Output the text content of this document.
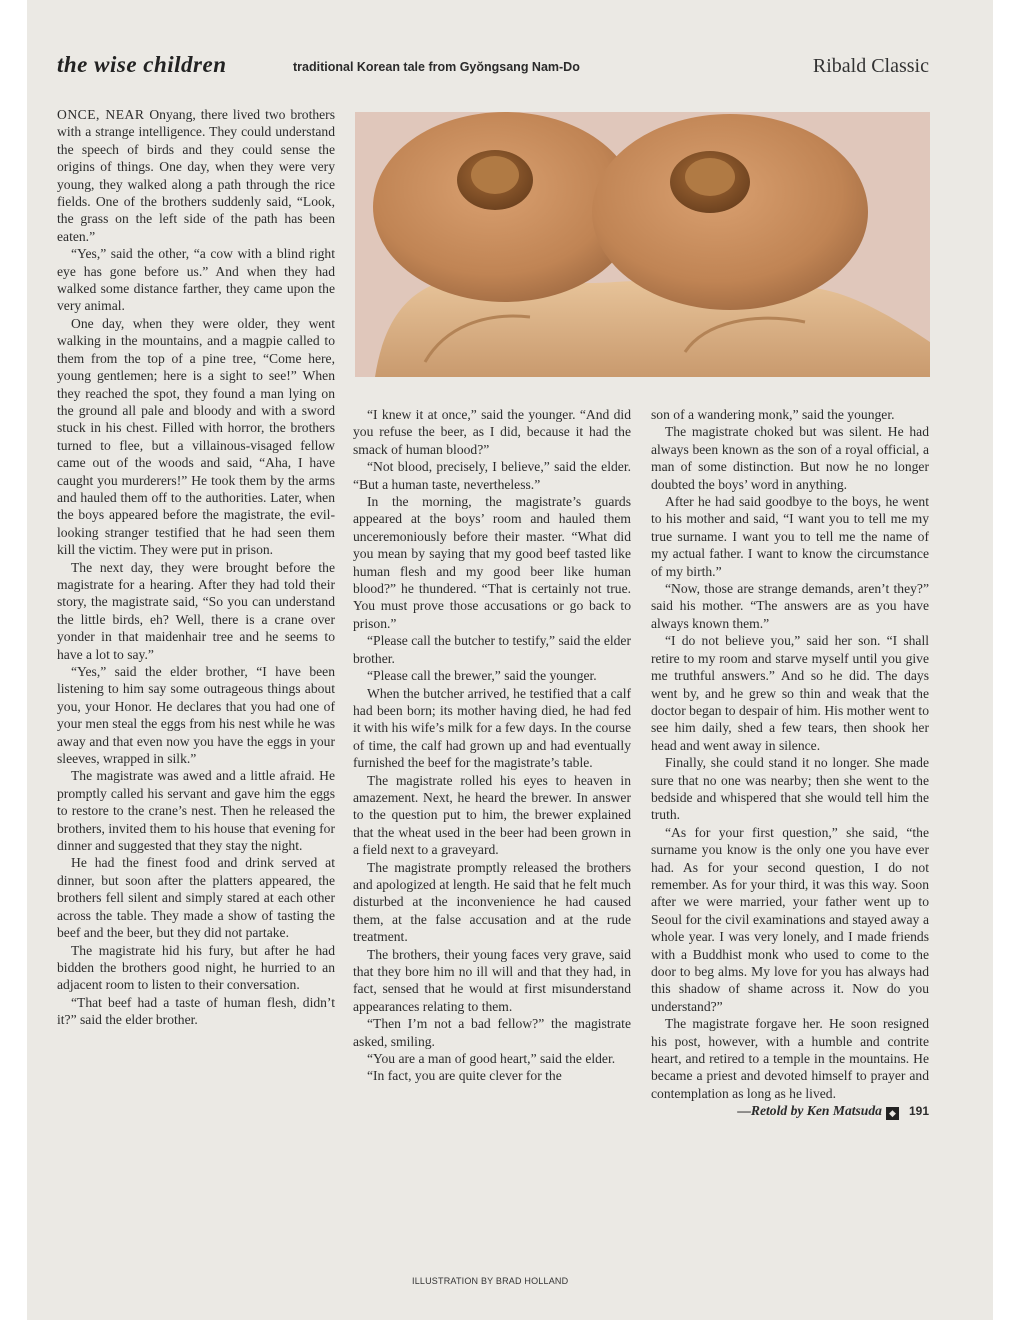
the wise children	traditional Korean tale from Gyŏngsang Nam-Do	Ribald Classic

ONCE, NEAR Onyang, there lived two brothers with a strange intelligence. They could understand the speech of birds and they could sense the origins of things. One day, when they were very young, they walked along a path through the rice fields. One of the brothers suddenly said, “Look, the grass on the left side of the path has been eaten.”

“Yes,” said the other, “a cow with a blind right eye has gone before us.” And when they had walked some distance farther, they came upon the very animal.

One day, when they were older, they went walking in the mountains, and a magpie called to them from the top of a pine tree, “Come here, young gentlemen; here is a sight to see!” When they reached the spot, they found a man lying on the ground all pale and bloody and with a sword stuck in his chest. Filled with horror, the brothers turned to flee, but a villainous-visaged fellow came out of the woods and said, “Aha, I have caught you murderers!” He took them by the arms and hauled them off to the authorities. Later, when the boys appeared before the magistrate, the evil-looking stranger testified that he had seen them kill the victim. They were put in prison.

The next day, they were brought before the magistrate for a hearing. After they had told their story, the magistrate said, “So you can understand the little birds, eh? Well, there is a crane over yonder in that maidenhair tree and he seems to have a lot to say.”

“Yes,” said the elder brother, “I have been listening to him say some outrageous things about you, your Honor. He declares that you had one of your men steal the eggs from his nest while he was away and that even now you have the eggs in your sleeves, wrapped in silk.”

The magistrate was awed and a little afraid. He promptly called his servant and gave him the eggs to restore to the crane’s nest. Then he released the brothers, invited them to his house that evening for dinner and suggested that they stay the night.

He had the finest food and drink served at dinner, but soon after the platters appeared, the brothers fell silent and simply stared at each other across the table. They made a show of tasting the beef and the beer, but they did not partake.

The magistrate hid his fury, but after he had bidden the brothers good night, he hurried to an adjacent room to listen to their conversation.

“That beef had a taste of human flesh, didn’t it?” said the elder brother.

“I knew it at once,” said the younger. “And did you refuse the beer, as I did, because it had the smack of human blood?”

“Not blood, precisely, I believe,” said the elder. “But a human taste, nevertheless.”

In the morning, the magistrate’s guards appeared at the boys’ room and hauled them unceremoniously before their master. “What did you mean by saying that my good beef tasted like human flesh and my good beer like human blood?” he thundered. “That is certainly not true. You must prove those accusations or go back to prison.”

“Please call the butcher to testify,” said the elder brother.

“Please call the brewer,” said the younger.

When the butcher arrived, he testified that a calf had been born; its mother having died, he had fed it with his wife’s milk for a few days. In the course of time, the calf had grown up and had eventually furnished the beef for the magistrate’s table.

The magistrate rolled his eyes to heaven in amazement. Next, he heard the brewer. In answer to the question put to him, the brewer explained that the wheat used in the beer had been grown in a field next to a graveyard.

The magistrate promptly released the brothers and apologized at length. He said that he felt much disturbed at the inconvenience he had caused them, at the false accusation and at the rude treatment.

The brothers, their young faces very grave, said that they bore him no ill will and that they had, in fact, sensed that he would at first misunderstand appearances relating to them.

“Then I’m not a bad fellow?” the magistrate asked, smiling.

“You are a man of good heart,” said the elder.

“In fact, you are quite clever for the

son of a wandering monk,” said the younger.

The magistrate choked but was silent. He had always been known as the son of a royal official, a man of some distinction. But now he no longer doubted the boys’ word in anything.

After he had said goodbye to the boys, he went to his mother and said, “I want you to tell me my true surname. I want you to tell me the name of my actual father. I want to know the circumstance of my birth.”

“Now, those are strange demands, aren’t they?” said his mother. “The answers are as you have always known them.”

“I do not believe you,” said her son. “I shall retire to my room and starve myself until you give me truthful answers.” And so he did. The days went by, and he grew so thin and weak that the doctor began to despair of him. His mother went to see him daily, shed a few tears, then shook her head and went away in silence.

Finally, she could stand it no longer. She made sure that no one was nearby; then she went to the bedside and whispered that she would tell him the truth.

“As for your first question,” she said, “the surname you know is the only one you have ever had. As for your second question, I do not remember. As for your third, it was this way. Soon after we were married, your father went up to Seoul for the civil examinations and stayed away a whole year. I was very lonely, and I made friends with a Buddhist monk who used to come to the door to beg alms. My love for you has always had this shadow of shame across it. Now do you understand?”

The magistrate forgave her. He soon resigned his post, however, with a humble and contrite heart, and retired to a temple in the mountains. He became a priest and devoted himself to prayer and contemplation as long as he lived.

—Retold by Ken Matsuda ◆ 191

ILLUSTRATION BY BRAD HOLLAND
